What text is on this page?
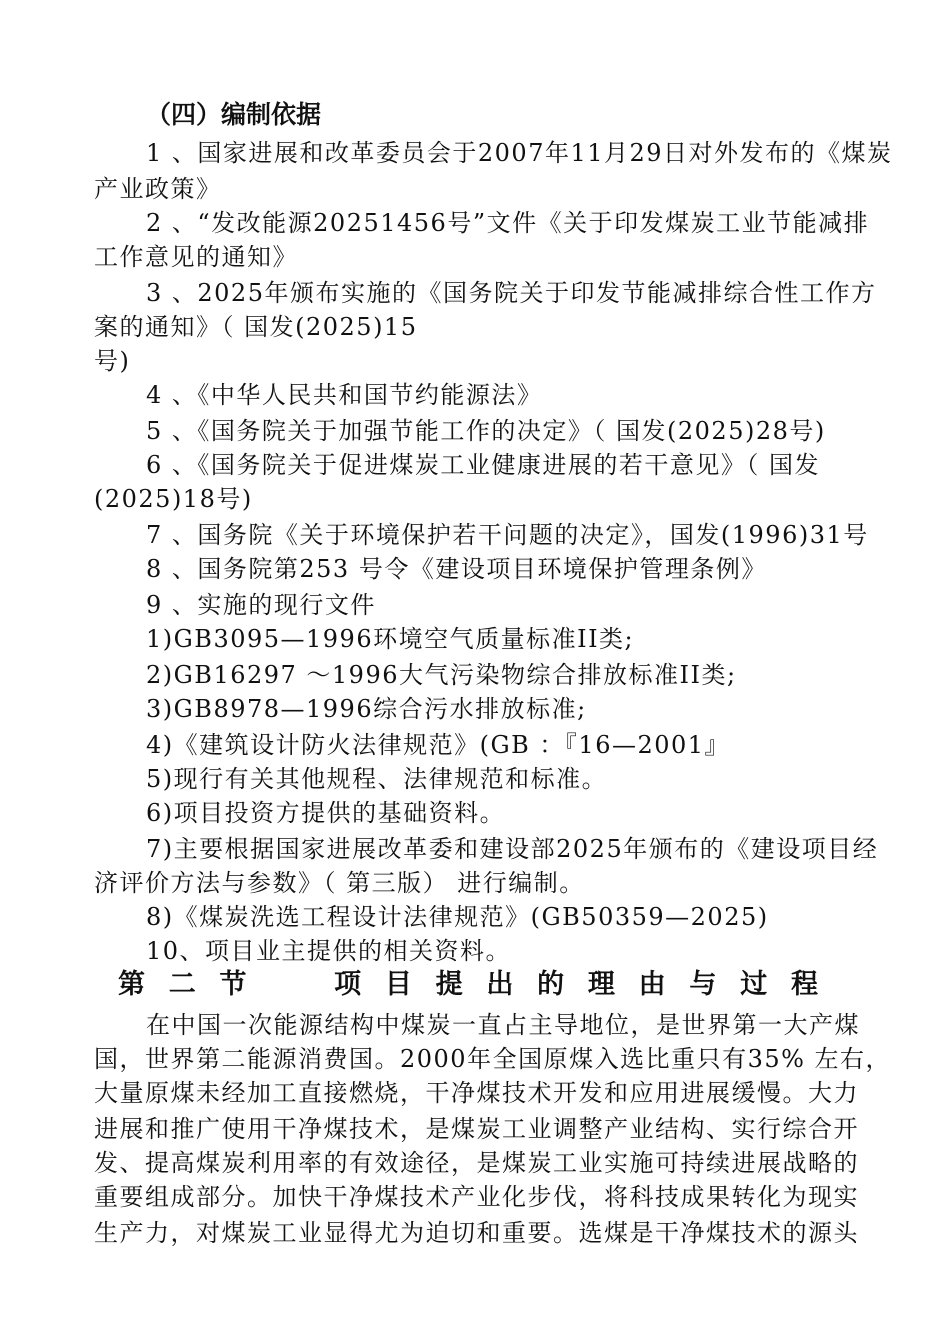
（四）编制依据
1 、国家进展和改革委员会于2007年11月29日对外发布的《煤炭
产业政策》
2 、“发改能源20251456号”文件《关于印发煤炭工业节能减排
工作意见的通知》
3 、2025年颁布实施的《国务院关于印发节能减排综合性工作方
案的通知》（ 国发(2025)15
号)
4 、《中华人民共和国节约能源法》
5 、《国务院关于加强节能工作的决定》（ 国发(2025)28号)
6 、《国务院关于促进煤炭工业健康进展的若干意见》（ 国发
(2025)18号)
7 、国务院《关于环境保护若干问题的决定》，国发(1996)31号
8 、国务院第253 号令《建设项目环境保护管理条例》
9 、实施的现行文件
1)GB3095—1996环境空气质量标准II类;
2)GB16297 ～1996大气污染物综合排放标准II类;
3)GB8978—1996综合污水排放标准;
4)《建筑设计防火法律规范》(GB ：『16—2001』
5)现行有关其他规程、法律规范和标准。
6)项目投资方提供的基础资料。
7)主要根据国家进展改革委和建设部2025年颁布的《建设项目经
济评价方法与参数》（ 第三版） 进行编制。
8)《煤炭洗选工程设计法律规范》(GB50359—2025)
10、项目业主提供的相关资料。
第 二 节	项 目 提 出 的 理 由 与 过 程
在中国一次能源结构中煤炭一直占主导地位，是世界第一大产煤
国，世界第二能源消费国。2000年全国原煤入选比重只有35% 左右，
大量原煤未经加工直接燃烧，干净煤技术开发和应用进展缓慢。大力
进展和推广使用干净煤技术，是煤炭工业调整产业结构、实行综合开
发、提高煤炭利用率的有效途径，是煤炭工业实施可持续进展战略的
重要组成部分。加快干净煤技术产业化步伐，将科技成果转化为现实
生产力，对煤炭工业显得尤为迫切和重要。选煤是干净煤技术的源头
